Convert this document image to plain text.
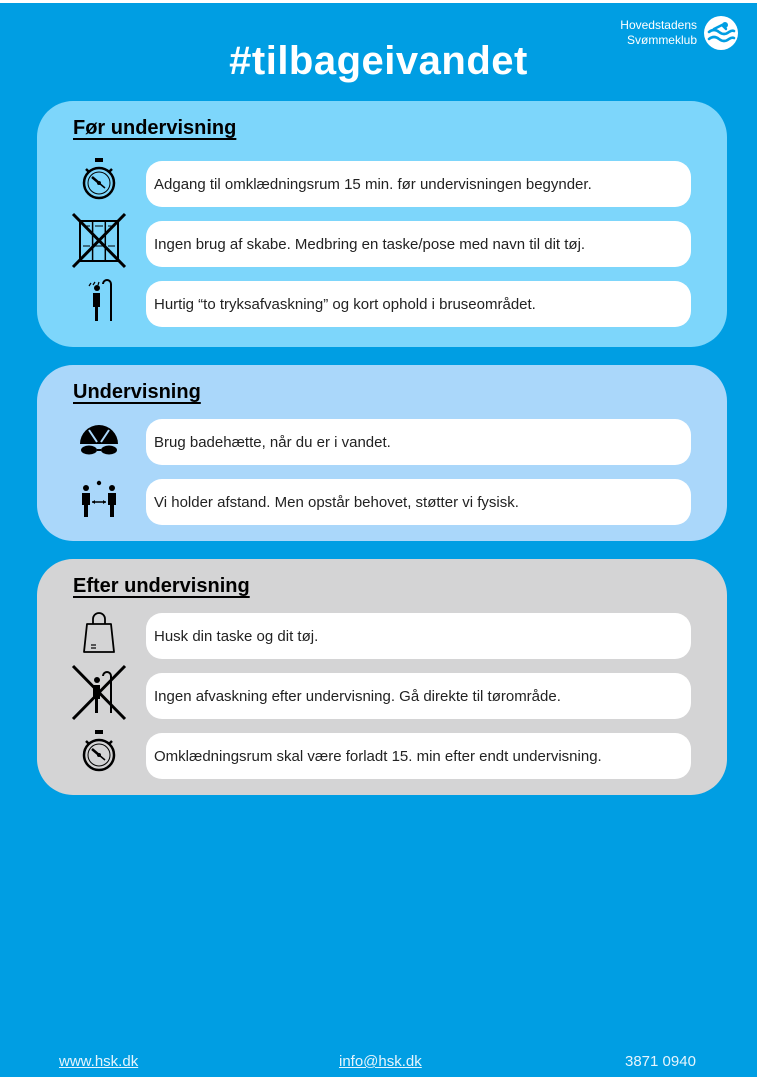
Hovedstadens
Svømmeklub
#tilbageivandet
Før undervisning
Adgang til omklædningsrum 15 min. før undervisningen begynder.
Ingen brug af skabe. Medbring en taske/pose med navn til dit tøj.
Hurtig “to tryksafvaskning” og kort ophold i bruseområdet.
Undervisning
Brug badehætte, når du er i vandet.
Vi holder afstand. Men opstår behovet, støtter vi fysisk.
Efter undervisning
Husk din taske og dit tøj.
Ingen afvaskning efter undervisning. Gå direkte til tørområde.
Omklædningsrum skal være forladt 15. min efter endt undervisning.
www.hsk.dk	info@hsk.dk	3871 0940
